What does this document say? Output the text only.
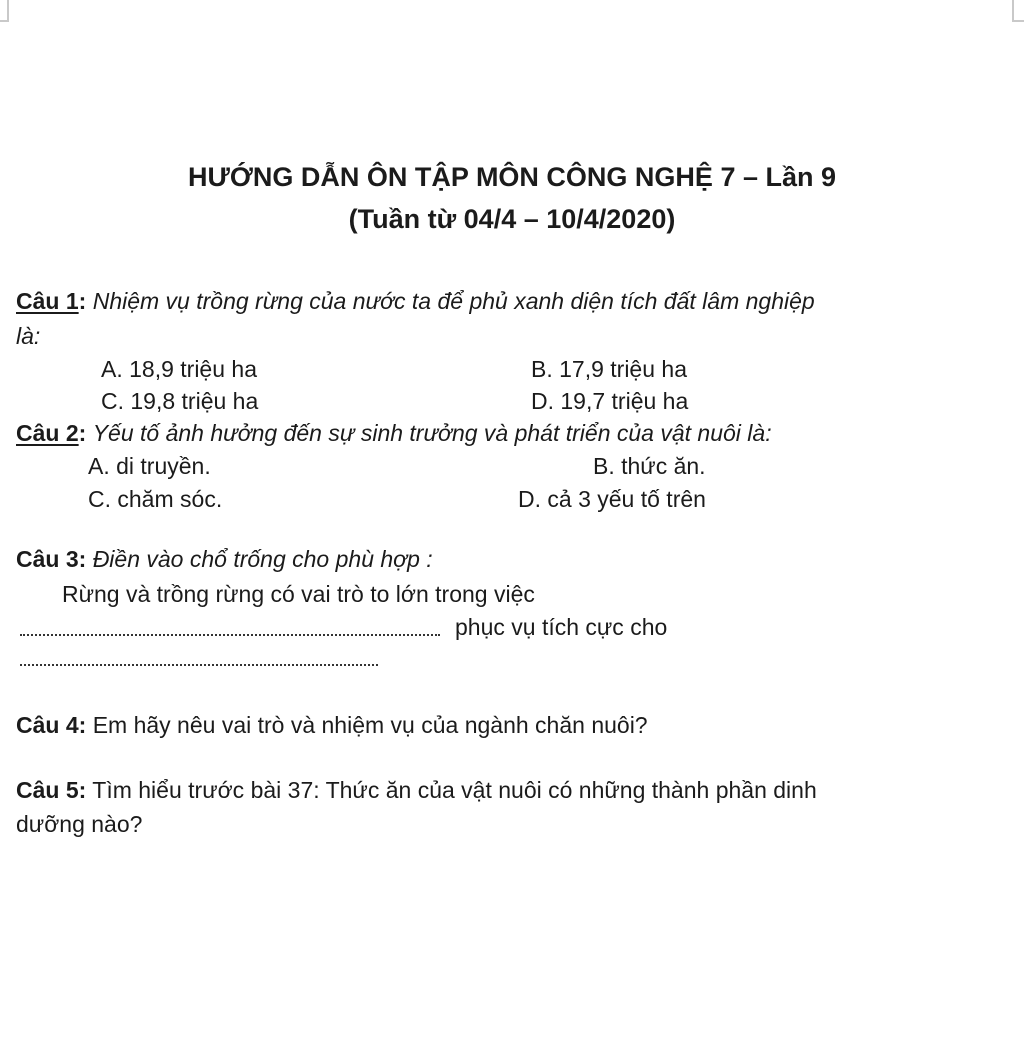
HƯỚNG DẪN ÔN TẬP MÔN CÔNG NGHỆ 7 – Lần 9
(Tuần từ 04/4 – 10/4/2020)
Câu 1: Nhiệm vụ trồng rừng của nước ta để phủ xanh diện tích đất lâm nghiệp
là:
A. 18,9 triệu ha	B. 17,9 triệu ha
C. 19,8 triệu ha	D. 19,7 triệu ha
Câu 2: Yếu tố ảnh hưởng đến sự sinh trưởng và phát triển của vật nuôi là:
A. di truyền.	B. thức ăn.
C. chăm sóc.	D. cả 3 yếu tố trên
Câu 3: Điền vào chổ trống cho phù hợp :
Rừng và trồng rừng có vai trò to lớn trong việc
phục vụ tích cực cho
Câu 4: Em hãy nêu vai trò và nhiệm vụ của ngành chăn nuôi?
Câu 5: Tìm hiểu trước bài 37: Thức ăn của vật nuôi có những thành phần dinh
dưỡng nào?
